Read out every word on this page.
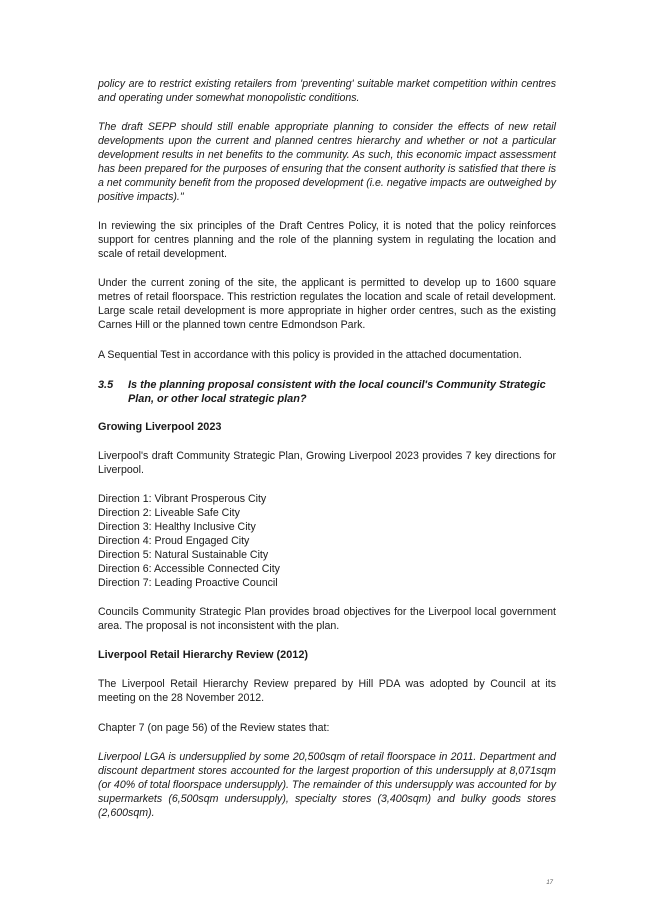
policy are to restrict existing retailers from 'preventing' suitable market competition within centres and operating under somewhat monopolistic conditions.

The draft SEPP should still enable appropriate planning to consider the effects of new retail developments upon the current and planned centres hierarchy and whether or not a particular development results in net benefits to the community. As such, this economic impact assessment has been prepared for the purposes of ensuring that the consent authority is satisfied that there is a net community benefit from the proposed development (i.e. negative impacts are outweighed by positive impacts)."

In reviewing the six principles of the Draft Centres Policy, it is noted that the policy reinforces support for centres planning and the role of the planning system in regulating the location and scale of retail development.

Under the current zoning of the site, the applicant is permitted to develop up to 1600 square metres of retail floorspace. This restriction regulates the location and scale of retail development. Large scale retail development is more appropriate in higher order centres, such as the existing Carnes Hill or the planned town centre Edmondson Park.

A Sequential Test in accordance with this policy is provided in the attached documentation.

3.5	Is the planning proposal consistent with the local council's Community Strategic Plan, or other local strategic plan?

Growing Liverpool 2023

Liverpool's draft Community Strategic Plan, Growing Liverpool 2023 provides 7 key directions for Liverpool.

Direction 1: Vibrant Prosperous City
Direction 2: Liveable Safe City
Direction 3: Healthy Inclusive City
Direction 4: Proud Engaged City
Direction 5: Natural Sustainable City
Direction 6: Accessible Connected City
Direction 7: Leading Proactive Council

Councils Community Strategic Plan provides broad objectives for the Liverpool local government area. The proposal is not inconsistent with the plan.

Liverpool Retail Hierarchy Review (2012)

The Liverpool Retail Hierarchy Review prepared by Hill PDA was adopted by Council at its meeting on the 28 November 2012.

Chapter 7 (on page 56) of the Review states that:

Liverpool LGA is undersupplied by some 20,500sqm of retail floorspace in 2011. Department and discount department stores accounted for the largest proportion of this undersupply at 8,071sqm (or 40% of total floorspace undersupply). The remainder of this undersupply was accounted for by supermarkets (6,500sqm undersupply), specialty stores (3,400sqm) and bulky goods stores (2,600sqm).

17
